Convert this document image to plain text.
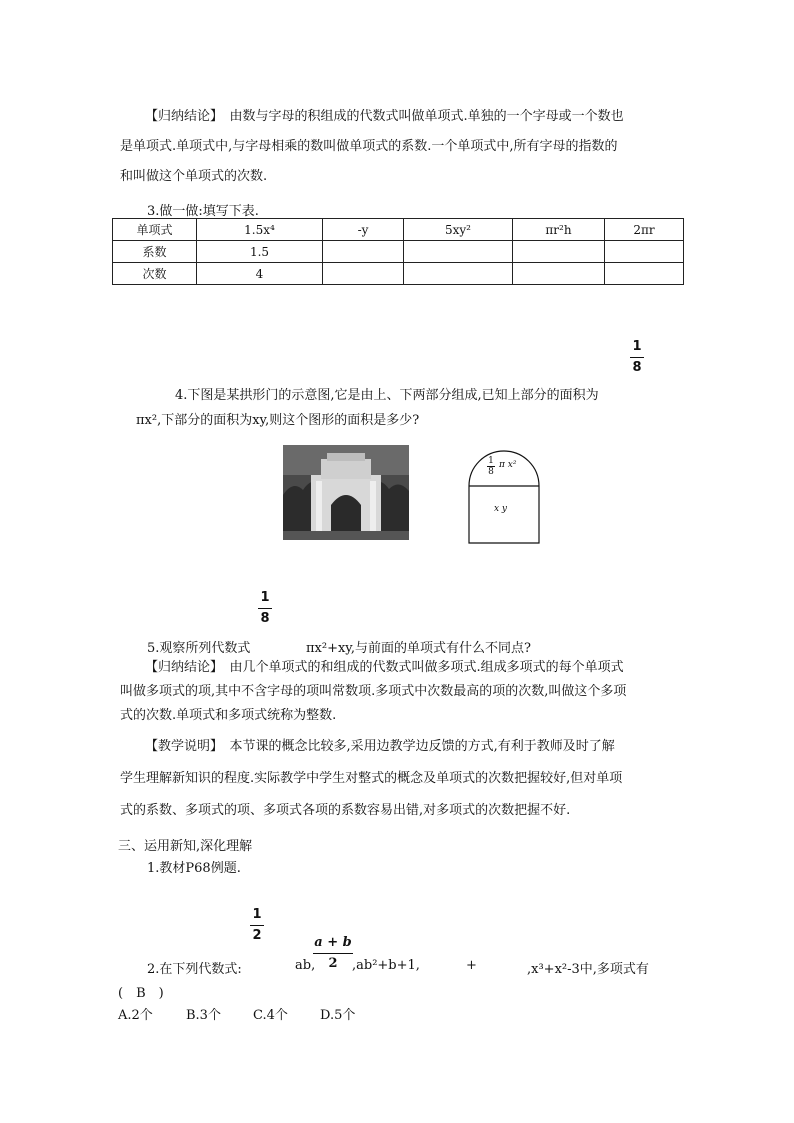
【归纳结论】　由数与字母的积组成的代数式叫做单项式.单独的一个字母或一个数也

是单项式.单项式中,与字母相乘的数叫做单项式的系数.一个单项式中,所有字母的指数的

和叫做这个单项式的次数.

3.做一做:填写下表.
单项式	1.5x⁴	-y	5xy²	πr²h	2πr
系数	1.5				
次数	4				
1
8
4.下图是某拱形门的示意图,它是由上、下两部分组成,已知上部分的面积为
πx²,下部分的面积为xy,则这个图形的面积是多少?
1

8
π x²
x y
1
8
5.观察所列代数式	πx²+xy,与前面的单项式有什么不同点?

【归纳结论】　由几个单项式的和组成的代数式叫做多项式.组成多项式的每个单项式

叫做多项式的项,其中不含字母的项叫常数项.多项式中次数最高的项的次数,叫做这个多项

式的次数.单项式和多项式统称为整数.

【教学说明】　本节课的概念比较多,采用边教学边反馈的方式,有利于教师及时了解

学生理解新知识的程度.实际教学中学生对整式的概念及单项式的次数把握较好,但对单项

式的系数、多项式的项、多项式各项的系数容易出错,对多项式的次数把握不好.

三、运用新知,深化理解
1.教材P68例题.
1
2	a + b
2
2.在下列代数式:	ab,	,ab²+b+1,	+	,x³+x²-3中,多项式有
(　B　)
A.2个	B.3个 C.4个 D.5个
